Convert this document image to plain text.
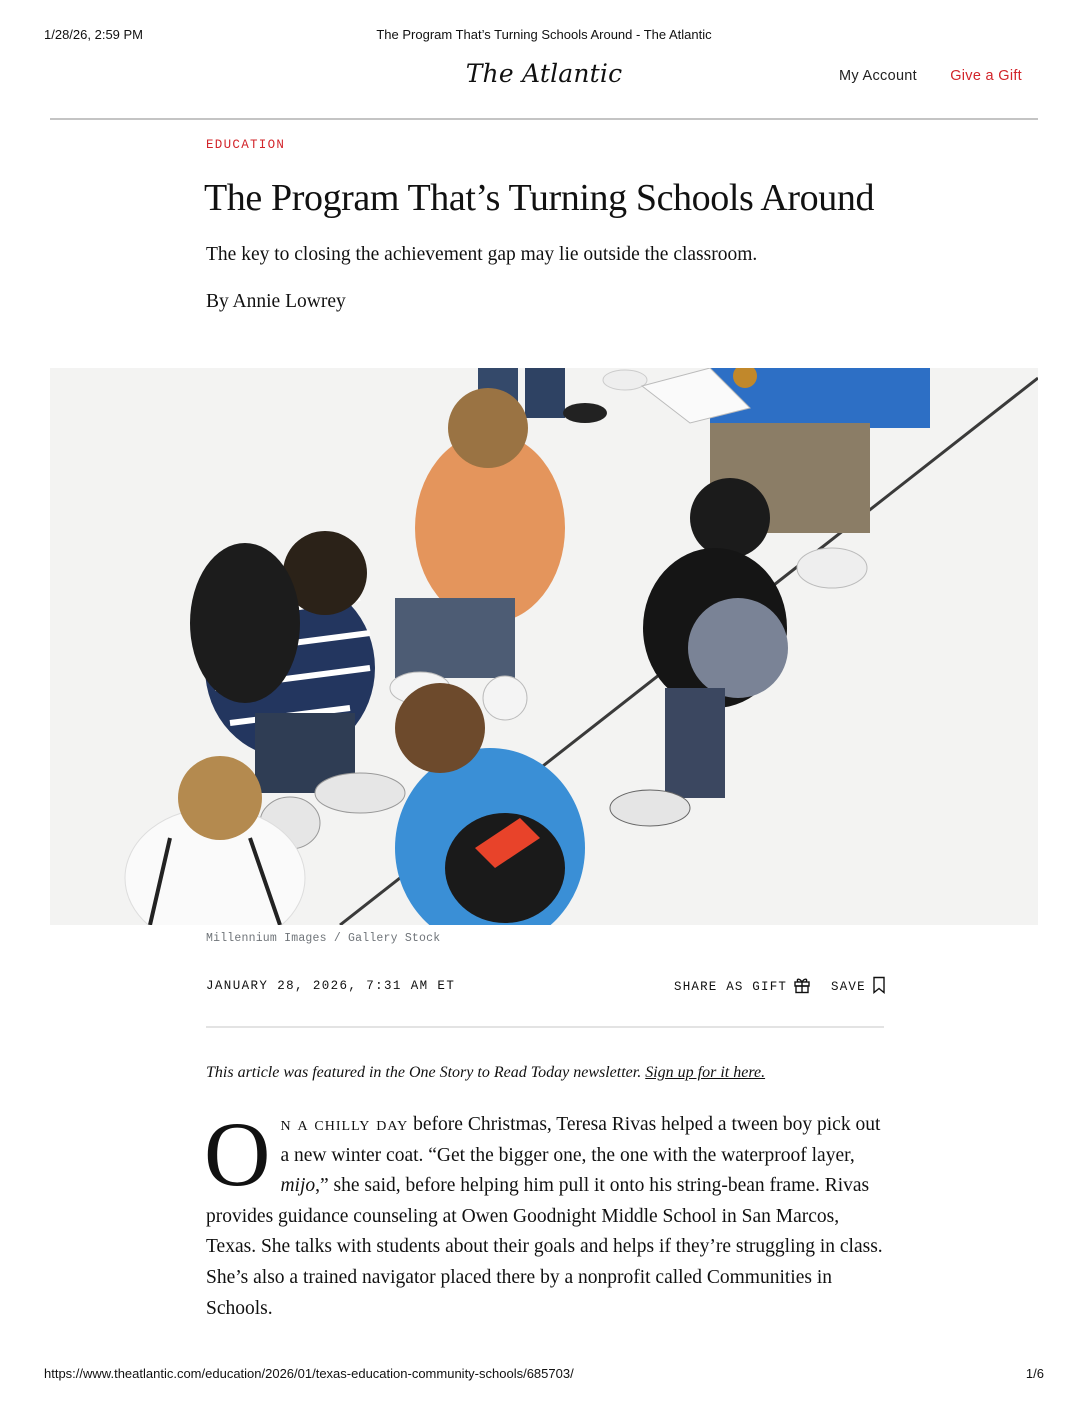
1/28/26, 2:59 PM	The Program That’s Turning Schools Around - The Atlantic
The Atlantic	My Account Give a Gift
EDUCATION
The Program That’s Turning Schools Around

The key to closing the achievement gap may lie outside the classroom.

By Annie Lowrey
Millennium Images / Gallery Stock
JANUARY 28, 2026, 7:31 AM ET	SHARE AS GIFT	SAVE
This article was featured in the One Story to Read Today newsletter. Sign up for it here.

On a chilly day before Christmas, Teresa Rivas helped a tween boy pick out a new winter coat. “Get the bigger one, the one with the waterproof layer, mijo,” she said, before helping him pull it onto his string-bean frame. Rivas provides guidance counseling at Owen Goodnight Middle School in San Marcos, Texas. She talks with students about their goals and helps if they’re struggling in class. She’s also a trained navigator placed there by a nonprofit called Communities in Schools.

https://www.theatlantic.com/education/2026/01/texas-education-community-schools/685703/	1/6
